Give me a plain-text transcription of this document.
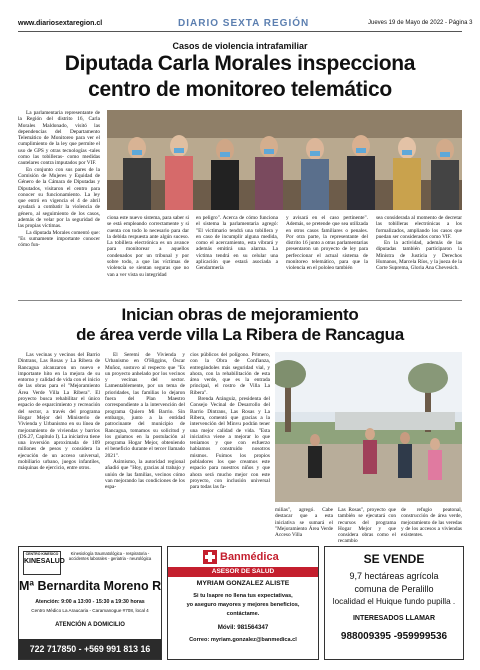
www.diariosextaregion.cl	DIARIO SEXTA REGIÓN	Jueves 19 de Mayo de 2022 - Página 3
Casos de violencia intrafamiliar
Diputada Carla Morales inspecciona
centro de monitoreo telemático

La parlamentaria representante de la Región del distrito 16, Carla Morales Maldonado, visitó las dependencias del Departamento Telemático de Monitoreo para ver el cumplimiento de la ley que permite el uso de GPS y otras tecnologías -tales como las tobilleras- como medidas cautelares contra imputados por VIF.

En conjunto con sus pares de la Comisión de Mujeres y Equidad de Género de la Cámara de Diputadas y Diputados, visitaron el centro para conocer su funcionamiento. La ley que entró en vigencia el 4 de abril ayudará a combatir la violencia de género, al seguimiento de los casos, además de velar por la seguridad de las propias víctimas.

La diputada Morales comentó que: "Es sumamente importante conocer cómo fun-

ciona este nuevo sistema, para saber si se está empleando correctamente y si cuenta con todo lo necesario para dar la debida respuesta ante algún suceso. La tobillera electrónica es un avance para monitorear a aquellos condenados por un tribunal y por sobre todo, a que las víctimas de violencia se sientan seguras que no van a ver vista su integridad

en peligro". Acerca de cómo funciona el sistema la parlamentaria agregó: "El victimario tendrá una tobillera y en caso de incumplir alguna medida, como el acercamiento, esta vibrará y además emitirá una alarma. La víctima tendrá en su celular una aplicación que estará asociada a Gendarmería

y avisará en el caso pertinente". Además, se pretende que sea utilizada en otros casos familiares o penales. Por otra parte, la representante del distrito 16 junto a otras parlamentarias presentaron un proyecto de ley para perfeccionar el actual sistema de monitoreo telemático, para que la violencia en el pololeo también

sea considerada al momento de decretar las tobilleras electrónicas a los formalizados, ampliando los casos que puedan ser considerados como VIF.

En la actividad, además de las diputadas también participaron la Ministra de Justicia y Derechos Humanos, Marcela Ríos, y la jueza de la Corte Suprema, Gloria Ana Chevesich.

Inician obras de mejoramiento
de área verde villa La Ribera de Rancagua

Las vecinas y vecinos del Barrio Dintrans, Las Rosas y La Ribera de Rancagua alcanzaron un nuevo e importante hito en la mejora de su entorno y calidad de vida con el inicio de las obras para el "Mejoramiento Área Verde Villa La Ribera". El proyecto busca rehabilitar el único espacio de esparcimiento y recreación del sector, a través del programa Hogar Mejor del Ministerio de Vivienda y Urbanismo en su línea de mejoramiento de viviendas y barrios (DS.27, Capítulo I). La iniciativa tiene una inversión aproximada de 109 millones de pesos y considera la ejecución de un acceso universal, mobiliario urbano, juegos infantiles, máquinas de ejercicio, entre otros.

El Seremi de Vivienda y Urbanismo en O'Higgins, Óscar Muñoz, sostuvo al respecto que "Es un proyecto anhelado por los vecinos y vecinas del sector. Lamentablemente, por un tema de prioridades, las familias lo dejaron fuera del Plan Maestro correspondiente a la intervención del programa Quiero Mi Barrio. Sin embargo, junto a la entidad patrocinante del municipio de Rancagua, tomamos su solicitud y los guiamos en la postulación al programa Hogar Mejor, obteniendo el beneficio durante el tercer llamado 2021".

Asimismo, la autoridad regional añadió que "Hoy, gracias al trabajo y unión de las familias, vecinos cómo van mejorando las condiciones de los espa-

cios públicos del polígono. Primero, con la Obra de Confianza, entregándoles más seguridad vial, y ahora, con la rehabilitación de esta área verde, que es la entrada principal, el rostro de Villa La Ribera".

Brenda Aránguiz, presidenta del Consejo Vecinal de Desarrollo del Barrio Dintrans, Las Rosas y La Ribera, comentó que gracias a la intervención del Minvu podrán tener una mejor calidad de vida. "Esta iniciativa viene a mejorar lo que teníamos y que con esfuerzo habíamos construido nosotros mismos. Fuimos los propios pobladores los que creamos este espacio para nuestros niños y que ahora será mucho mejor con este proyecto, con inclusión universal para todas las fa-

milias", agregó. Cabe destacar que a esta iniciativa se sumará el "Mejoramiento Área Verde Acceso Villa

Las Rosas", proyecto que también se ejecutará con recursos del programa Hogar Mejor y que considera obras como el recambio

de refugio peatonal, construcción de área verde, mejoramiento de las veredas y de los accesos a viviendas existentes.

CENTRO KINESICO
KINESALUD
Kinesiología traumatológica - respiratoria - accidentes laborales - geriatria - neurológica
Mª Bernardita Moreno R
Atención: 9:00 a 13:00 - 15:30 a 19:30 horas
Centro Médico La Araucaria - Caramanogue #708, local 4
ATENCIÓN A DOMICILIO
722 717850 - +569 991 813 16
Banmédica
ASESOR DE SALUD
MYRIAM GONZALEZ ALISTE
Si tu Isapre no llena tus expectativas,
yo aseguro mayores y mejores beneficios,
contáctame.
Móvil: 981564347
Correo: myriam.gonzalez@banmedica.cl
SE VENDE
9,7 hectáreas agrícola
comuna de Peralillo
localidad el Huique fundo pupilla .
INTERESADOS LLAMAR
988009395 -959999536
